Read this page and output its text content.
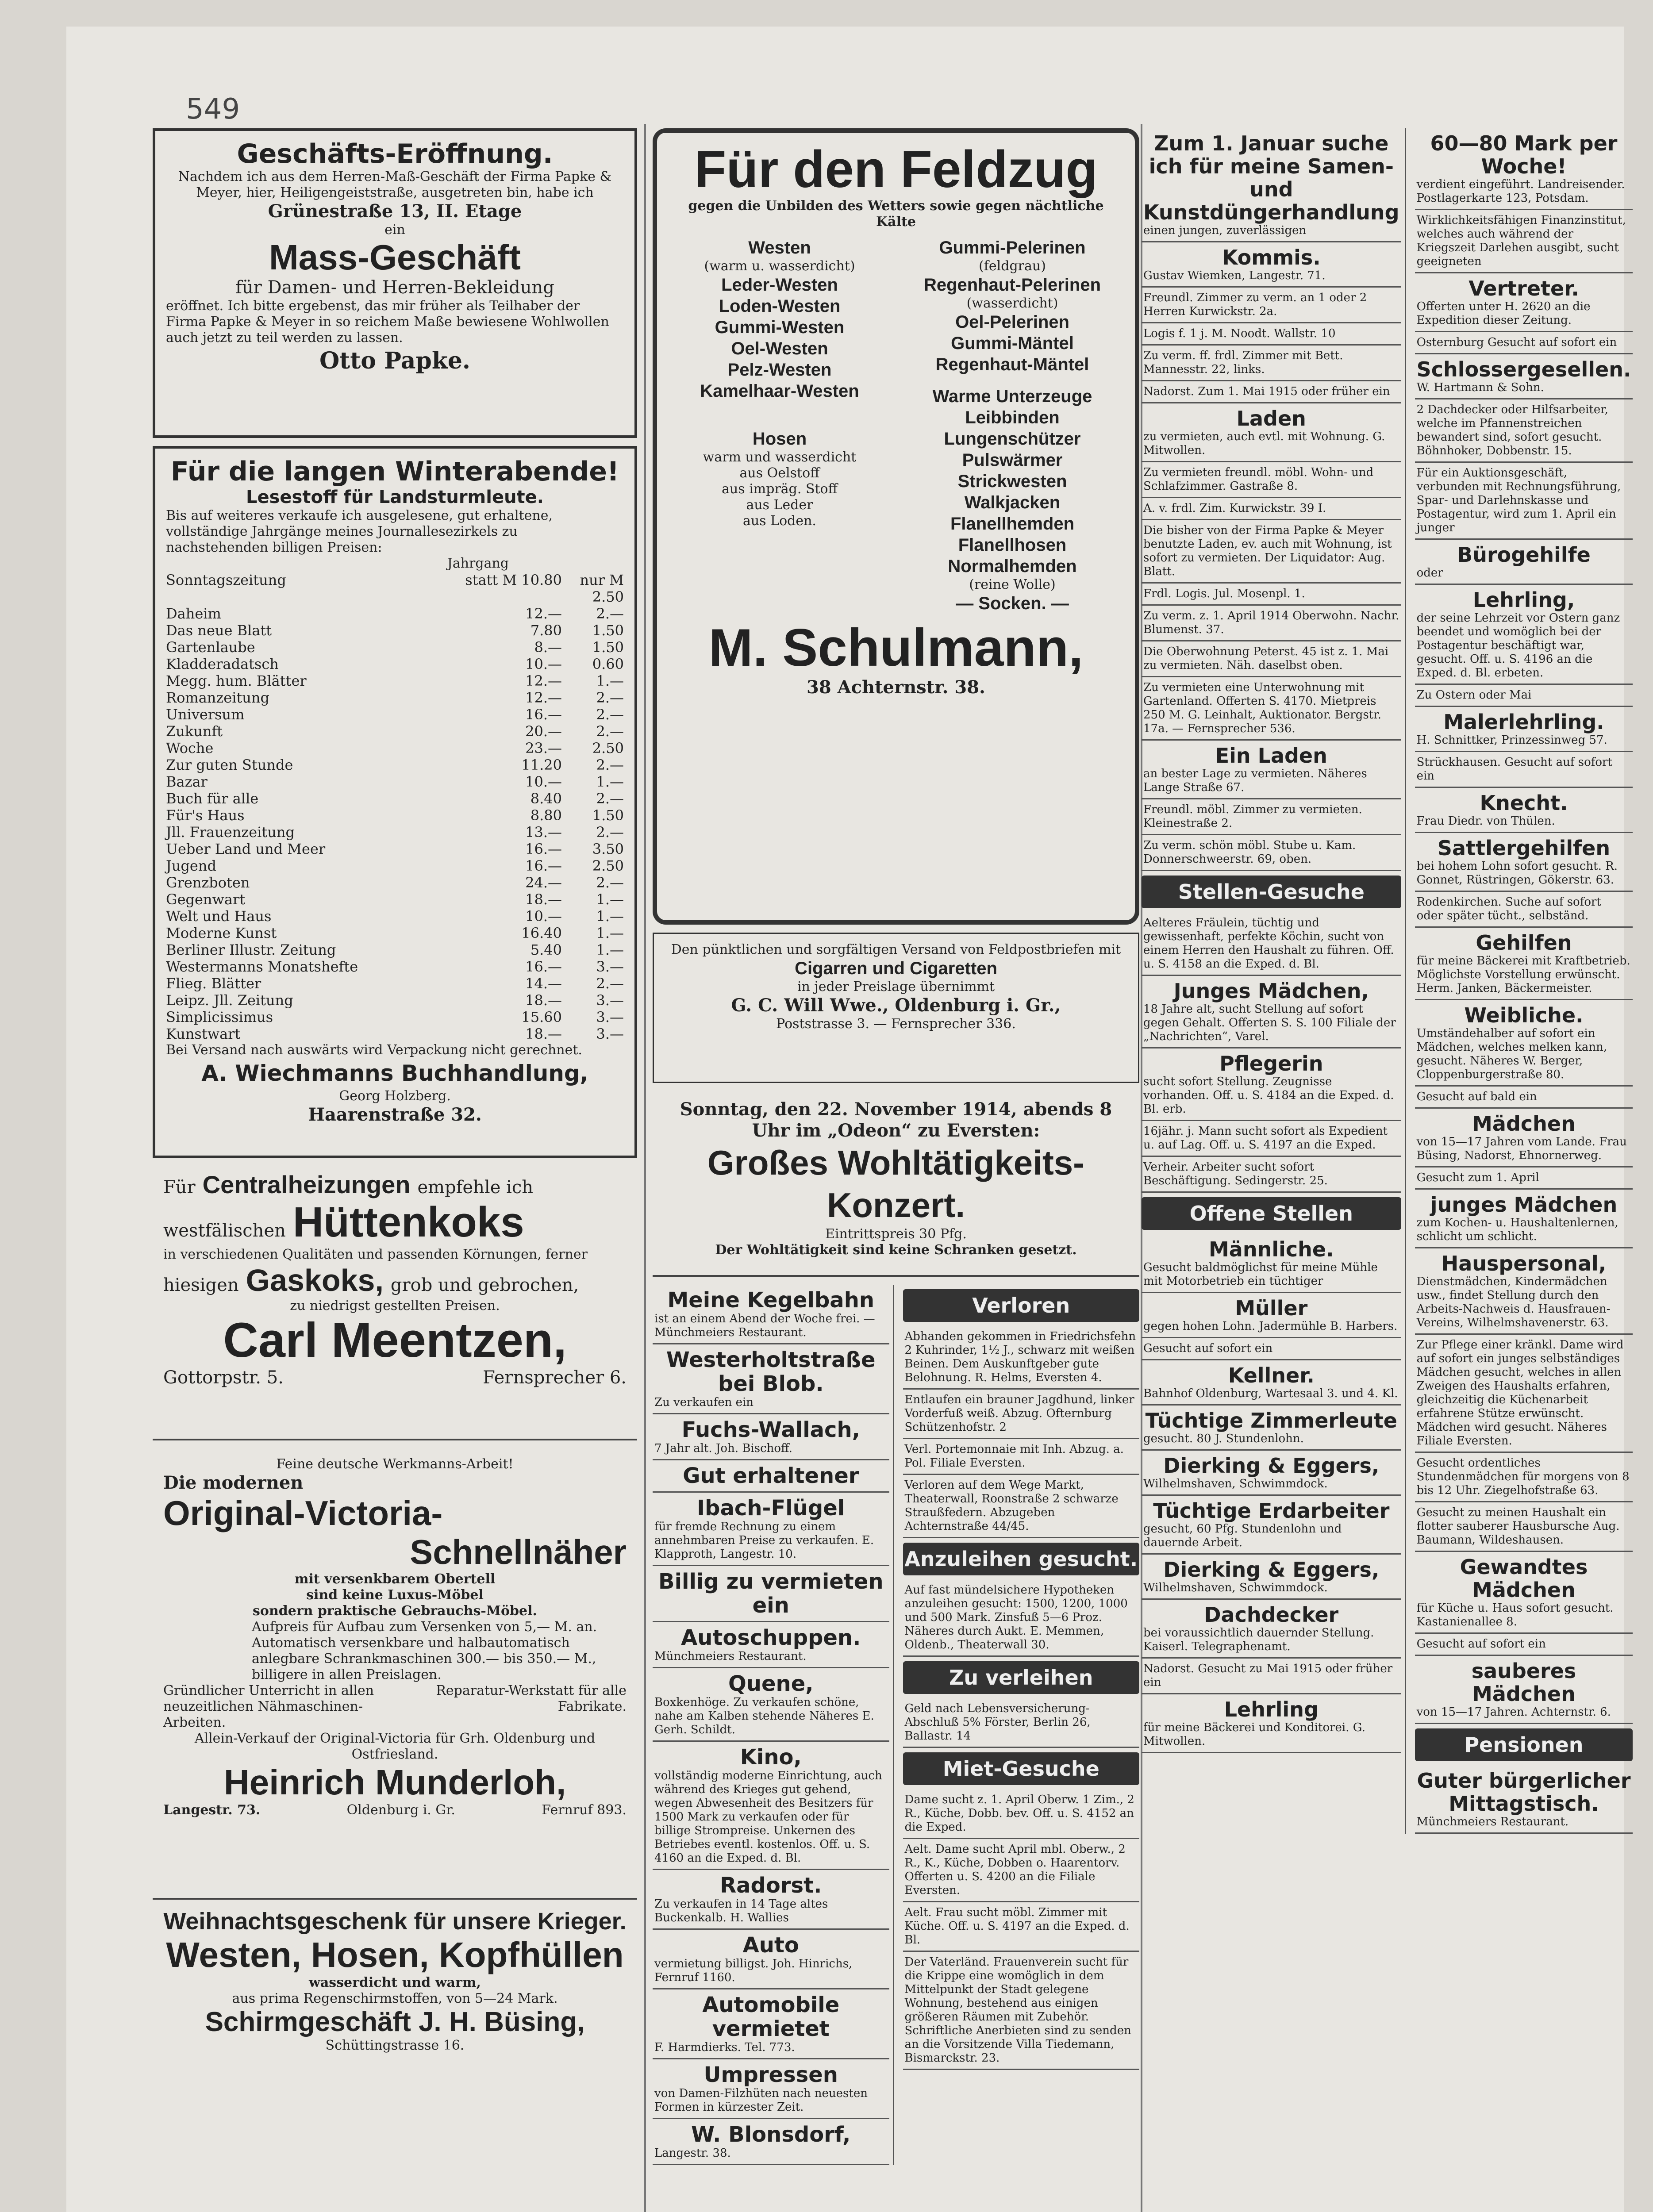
549
Geschäfts-Eröffnung.
Nachdem ich aus dem Herren-Maß-Geschäft der Firma Papke & Meyer, hier, Heiligengeiststraße, ausgetreten bin, habe ich
Grünestraße 13, II. Etage
ein
Mass-Geschäft
für Damen- und Herren-Bekleidung
eröffnet. Ich bitte ergebenst, das mir früher als Teilhaber der Firma Papke & Meyer in so reichem Maße bewiesene Wohlwollen auch jetzt zu teil werden zu lassen.
Otto Papke.
Für die langen Winterabende!
Lesestoff für Landsturmleute.
Bis auf weiteres verkaufe ich ausgelesene, gut erhaltene, vollständige Jahrgänge meines Journallesezirkels zu nachstehenden billigen Preisen:
Jahrgang
Sonntagszeitung	statt M 10.80	nur M 2.50
Daheim	12.—	2.—
Das neue Blatt	7.80	1.50
Gartenlaube	8.—	1.50
Kladderadatsch	10.—	0.60
Megg. hum. Blätter	12.—	1.—
Romanzeitung	12.—	2.—
Universum	16.—	2.—
Zukunft	20.—	2.—
Woche	23.—	2.50
Zur guten Stunde	11.20	2.—
Bazar	10.—	1.—
Buch für alle	8.40	2.—
Für's Haus	8.80	1.50
Jll. Frauenzeitung	13.—	2.—
Ueber Land und Meer	16.—	3.50
Jugend	16.—	2.50
Grenzboten	24.—	2.—
Gegenwart	18.—	1.—
Welt und Haus	10.—	1.—
Moderne Kunst	16.40	1.—
Berliner Illustr. Zeitung	5.40	1.—
Westermanns Monatshefte	16.—	3.—
Flieg. Blätter	14.—	2.—
Leipz. Jll. Zeitung	18.—	3.—
Simplicissimus	15.60	3.—
Kunstwart	18.—	3.—
Bei Versand nach auswärts wird Verpackung nicht gerechnet.
A. Wiechmanns Buchhandlung,
Georg Holzberg.
Haarenstraße 32.
Für Centralheizungen empfehle ich
westfälischen Hüttenkoks
in verschiedenen Qualitäten und passenden Körnungen, ferner
hiesigen Gaskoks, grob und gebrochen,
zu niedrigst gestellten Preisen.
Carl Meentzen,
Gottorpstr. 5.	Fernsprecher 6.
Feine deutsche Werkmanns-Arbeit!
Die modernen
Original-Victoria-
Schnellnäher
mit versenkbarem Obertell
sind keine Luxus-Möbel
sondern praktische Gebrauchs-Möbel.
Aufpreis für Aufbau zum Versenken von 5,— M. an. Automatisch versenkbare und halbautomatisch anlegbare Schrankmaschinen 300.— bis 350.— M., billigere in allen Preislagen.
Gründlicher Unterricht in allen neuzeitlichen Nähmaschinen-Arbeiten.
Reparatur-Werkstatt für alle Fabrikate.
Allein-Verkauf der Original-Victoria für Grh. Oldenburg und Ostfriesland.
Heinrich Munderloh,
Langestr. 73.	Oldenburg i. Gr.	Fernruf 893.
Weihnachtsgeschenk für unsere Krieger.
Westen, Hosen, Kopfhüllen
wasserdicht und warm,
aus prima Regenschirmstoffen, von 5—24 Mark.
Schirmgeschäft J. H. Büsing,
Schüttingstrasse 16.
Für den Feldzug
gegen die Unbilden des Wetters sowie gegen nächtliche Kälte
Westen
(warm u. wasserdicht)
Leder-Westen
Loden-Westen
Gummi-Westen
Oel-Westen
Pelz-Westen
Kamelhaar-Westen
Hosen
warm und wasserdicht
aus Oelstoff
aus impräg. Stoff
aus Leder
aus Loden.
Gummi-Pelerinen
(feldgrau)
Regenhaut-Pelerinen
(wasserdicht)
Oel-Pelerinen
Gummi-Mäntel
Regenhaut-Mäntel
Warme Unterzeuge
Leibbinden
Lungenschützer
Pulswärmer
Strickwesten
Walkjacken
Flanellhemden
Flanellhosen
Normalhemden
(reine Wolle)
— Socken. —
M. Schulmann,
38 Achternstr. 38.
Den pünktlichen und sorgfältigen Versand von Feldpostbriefen mit
Cigarren und Cigaretten
in jeder Preislage übernimmt
G. C. Will Wwe., Oldenburg i. Gr.,
Poststrasse 3. — Fernsprecher 336.
Sonntag, den 22. November 1914, abends 8 Uhr im „Odeon“ zu Eversten:
Großes Wohltätigkeits-Konzert.
Eintrittspreis 30 Pfg.
Der Wohltätigkeit sind keine Schranken gesetzt.
Meine Kegelbahn
ist an einem Abend der Woche frei. — Münchmeiers Restaurant.
Westerholtstraße bei Blob.
Zu verkaufen ein
Fuchs-Wallach,
7 Jahr alt. Joh. Bischoff.
Gut erhaltener
Ibach-Flügel
für fremde Rechnung zu einem annehmbaren Preise zu verkaufen. E. Klapproth, Langestr. 10.
Billig zu vermieten ein
Autoschuppen.
Münchmeiers Restaurant.
Quene,
Boxkenhöge. Zu verkaufen schöne, nahe am Kalben stehende Näheres E. Gerh. Schildt.
Kino,
vollständig moderne Einrichtung, auch während des Krieges gut gehend, wegen Abwesenheit des Besitzers für 1500 Mark zu verkaufen oder für billige Strompreise. Unkernen des Betriebes eventl. kostenlos. Off. u. S. 4160 an die Exped. d. Bl.
Radorst.
Zu verkaufen in 14 Tage altes Buckenkalb. H. Wallies
Auto
vermietung billigst. Joh. Hinrichs, Fernruf 1160.
Automobile vermietet
F. Harmdierks. Tel. 773.
Umpressen
von Damen-Filzhüten nach neuesten Formen in kürzester Zeit.
W. Blonsdorf,
Langestr. 38.
Verloren
Abhanden gekommen in Friedrichsfehn 2 Kuhrinder, 1½ J., schwarz mit weißen Beinen. Dem Auskunftgeber gute Belohnung. R. Helms, Eversten 4.
Entlaufen ein brauner Jagdhund, linker Vorderfuß weiß. Abzug. Ofternburg Schützenhofstr. 2
Verl. Portemonnaie mit Inh. Abzug. a. Pol. Filiale Eversten.
Verloren auf dem Wege Markt, Theaterwall, Roonstraße 2 schwarze Straußfedern. Abzugeben Achternstraße 44/45.
Anzuleihen gesucht.
Auf fast mündelsichere Hypotheken anzuleihen gesucht: 1500, 1200, 1000 und 500 Mark. Zinsfuß 5—6 Proz. Näheres durch Aukt. E. Memmen, Oldenb., Theaterwall 30.
Zu verleihen
Geld nach Lebensversicherung-Abschluß 5% Förster, Berlin 26, Ballastr. 14
Miet-Gesuche
Dame sucht z. 1. April Oberw. 1 Zim., 2 R., Küche, Dobb. bev. Off. u. S. 4152 an die Exped.
Aelt. Dame sucht April mbl. Oberw., 2 R., K., Küche, Dobben o. Haarentorv. Offerten u. S. 4200 an die Filiale Eversten.
Aelt. Frau sucht möbl. Zimmer mit Küche. Off. u. S. 4197 an die Exped. d. Bl.
Der Vaterländ. Frauenverein sucht für die Krippe eine womöglich in dem Mittelpunkt der Stadt gelegene Wohnung, bestehend aus einigen größeren Räumen mit Zubehör. Schriftliche Anerbieten sind zu senden an die Vorsitzende Villa Tiedemann, Bismarckstr. 23.
Zum 1. Januar suche ich für meine Samen- und Kunstdüngerhandlung
einen jungen, zuverlässigen
Kommis.
Gustav Wiemken, Langestr. 71.
Freundl. Zimmer zu verm. an 1 oder 2 Herren Kurwickstr. 2a.
Logis f. 1 j. M. Noodt. Wallstr. 10
Zu verm. ff. frdl. Zimmer mit Bett. Mannesstr. 22, links.
Nadorst. Zum 1. Mai 1915 oder früher ein
Laden
zu vermieten, auch evtl. mit Wohnung. G. Mitwollen.
Zu vermieten freundl. möbl. Wohn- und Schlafzimmer. Gastraße 8.
A. v. frdl. Zim. Kurwickstr. 39 I.
Die bisher von der Firma Papke & Meyer benutzte Laden, ev. auch mit Wohnung, ist sofort zu vermieten. Der Liquidator: Aug. Blatt.
Frdl. Logis. Jul. Mosenpl. 1.
Zu verm. z. 1. April 1914 Oberwohn. Nachr. Blumenst. 37.
Die Oberwohnung Peterst. 45 ist z. 1. Mai zu vermieten. Näh. daselbst oben.
Zu vermieten eine Unterwohnung mit Gartenland. Offerten S. 4170. Mietpreis 250 M. G. Leinhalt, Auktionator. Bergstr. 17a. — Fernsprecher 536.
Ein Laden
an bester Lage zu vermieten. Näheres Lange Straße 67.
Freundl. möbl. Zimmer zu vermieten. Kleinestraße 2.
Zu verm. schön möbl. Stube u. Kam. Donnerschweerstr. 69, oben.
Stellen-Gesuche
Aelteres Fräulein, tüchtig und gewissenhaft, perfekte Köchin, sucht von einem Herren den Haushalt zu führen. Off. u. S. 4158 an die Exped. d. Bl.
Junges Mädchen,
18 Jahre alt, sucht Stellung auf sofort gegen Gehalt. Offerten S. S. 100 Filiale der „Nachrichten“, Varel.
Pflegerin
sucht sofort Stellung. Zeugnisse vorhanden. Off. u. S. 4184 an die Exped. d. Bl. erb.
16jähr. j. Mann sucht sofort als Expedient u. auf Lag. Off. u. S. 4197 an die Exped.
Verheir. Arbeiter sucht sofort Beschäftigung. Sedingerstr. 25.
Offene Stellen
Männliche.
Gesucht baldmöglichst für meine Mühle mit Motorbetrieb ein tüchtiger
Müller
gegen hohen Lohn. Jadermühle B. Harbers.
Gesucht auf sofort ein
Kellner.
Bahnhof Oldenburg, Wartesaal 3. und 4. Kl.
Tüchtige Zimmerleute
gesucht. 80 J. Stundenlohn.
Dierking & Eggers,
Wilhelmshaven, Schwimmdock.
Tüchtige Erdarbeiter
gesucht, 60 Pfg. Stundenlohn und dauernde Arbeit.
Dierking & Eggers,
Wilhelmshaven, Schwimmdock.
Dachdecker
bei voraussichtlich dauernder Stellung. Kaiserl. Telegraphenamt.
Nadorst. Gesucht zu Mai 1915 oder früher ein
Lehrling
für meine Bäckerei und Konditorei. G. Mitwollen.
60—80 Mark per Woche!
verdient eingeführt. Landreisender. Postlagerkarte 123, Potsdam.
Wirklichkeitsfähigen Finanzinstitut, welches auch während der Kriegszeit Darlehen ausgibt, sucht geeigneten
Vertreter.
Offerten unter H. 2620 an die Expedition dieser Zeitung.
Osternburg Gesucht auf sofort ein
Schlossergesellen.
W. Hartmann & Sohn.
2 Dachdecker oder Hilfsarbeiter, welche im Pfannenstreichen bewandert sind, sofort gesucht. Böhnhoker, Dobbenstr. 15.
Für ein Auktionsgeschäft, verbunden mit Rechnungsführung, Spar- und Darlehnskasse und Postagentur, wird zum 1. April ein junger
Bürogehilfe
oder
Lehrling,
der seine Lehrzeit vor Ostern ganz beendet und womöglich bei der Postagentur beschäftigt war, gesucht. Off. u. S. 4196 an die Exped. d. Bl. erbeten.
Zu Ostern oder Mai
Malerlehrling.
H. Schnittker, Prinzessinweg 57.
Strückhausen. Gesucht auf sofort ein
Knecht.
Frau Diedr. von Thülen.
Sattlergehilfen
bei hohem Lohn sofort gesucht. R. Gonnet, Rüstringen, Gökerstr. 63.
Rodenkirchen. Suche auf sofort oder später tücht., selbständ.
Gehilfen
für meine Bäckerei mit Kraftbetrieb. Möglichste Vorstellung erwünscht. Herm. Janken, Bäckermeister.
Weibliche.
Umständehalber auf sofort ein Mädchen, welches melken kann, gesucht. Näheres W. Berger, Cloppenburgerstraße 80.
Gesucht auf bald ein
Mädchen
von 15—17 Jahren vom Lande. Frau Büsing, Nadorst, Ehnornerweg.
Gesucht zum 1. April
junges Mädchen
zum Kochen- u. Haushaltenlernen, schlicht um schlicht.
Hauspersonal,
Dienstmädchen, Kindermädchen usw., findet Stellung durch den Arbeits-Nachweis d. Hausfrauen-Vereins, Wilhelmshavenerstr. 63.
Zur Pflege einer kränkl. Dame wird auf sofort ein junges selbständiges Mädchen gesucht, welches in allen Zweigen des Haushalts erfahren, gleichzeitig die Küchenarbeit erfahrene Stütze erwünscht. Mädchen wird gesucht. Näheres Filiale Eversten.
Gesucht ordentliches Stundenmädchen für morgens von 8 bis 12 Uhr. Ziegelhofstraße 63.
Gesucht zu meinen Haushalt ein flotter sauberer Hausbursche Aug. Baumann, Wildeshausen.
Gewandtes Mädchen
für Küche u. Haus sofort gesucht. Kastanienallee 8.
Gesucht auf sofort ein
sauberes Mädchen
von 15—17 Jahren. Achternstr. 6.
Pensionen
Guter bürgerlicher Mittagstisch.
Münchmeiers Restaurant.
